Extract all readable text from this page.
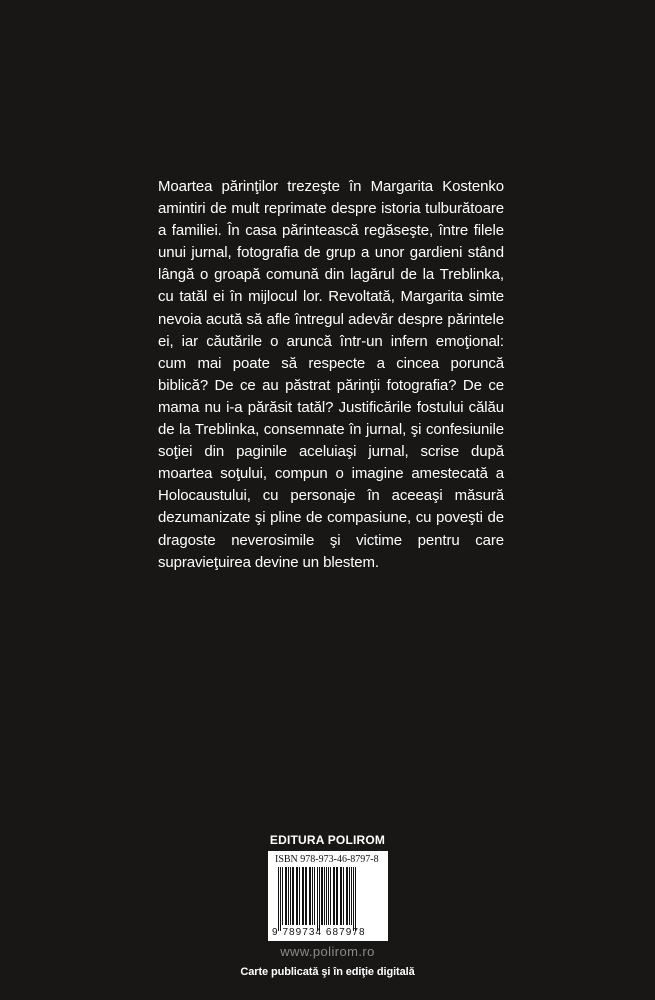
Moartea părinţilor trezeşte în Margarita Kostenko amintiri de mult reprimate despre istoria tulburătoare a familiei. În casa părintească regăseşte, între filele unui jurnal, fotografia de grup a unor gardieni stând lângă o groapă comună din lagărul de la Treblinka, cu tatăl ei în mijlocul lor. Revoltată, Margarita simte nevoia acută să afle întregul adevăr despre părintele ei, iar căutările o aruncă într-un infern emoţional: cum mai poate să respecte a cincea poruncă biblică? De ce au păstrat părinţii fotografia? De ce mama nu i-a părăsit tatăl? Justificările fostului călău de la Treblinka, consemnate în jurnal, şi confesiunile soţiei din paginile aceluiaşi jurnal, scrise după moartea soţului, compun o imagine amestecată a Holocaustului, cu personaje în aceeaşi măsură dezumanizate şi pline de compasiune, cu poveşti de dragoste neverosimile şi victime pentru care supravieţuirea devine un blestem.

EDITURA POLIROM
ISBN 978-973-46-8797-8
9 789734 687978
www.polirom.ro
Carte publicată şi în ediţie digitală
